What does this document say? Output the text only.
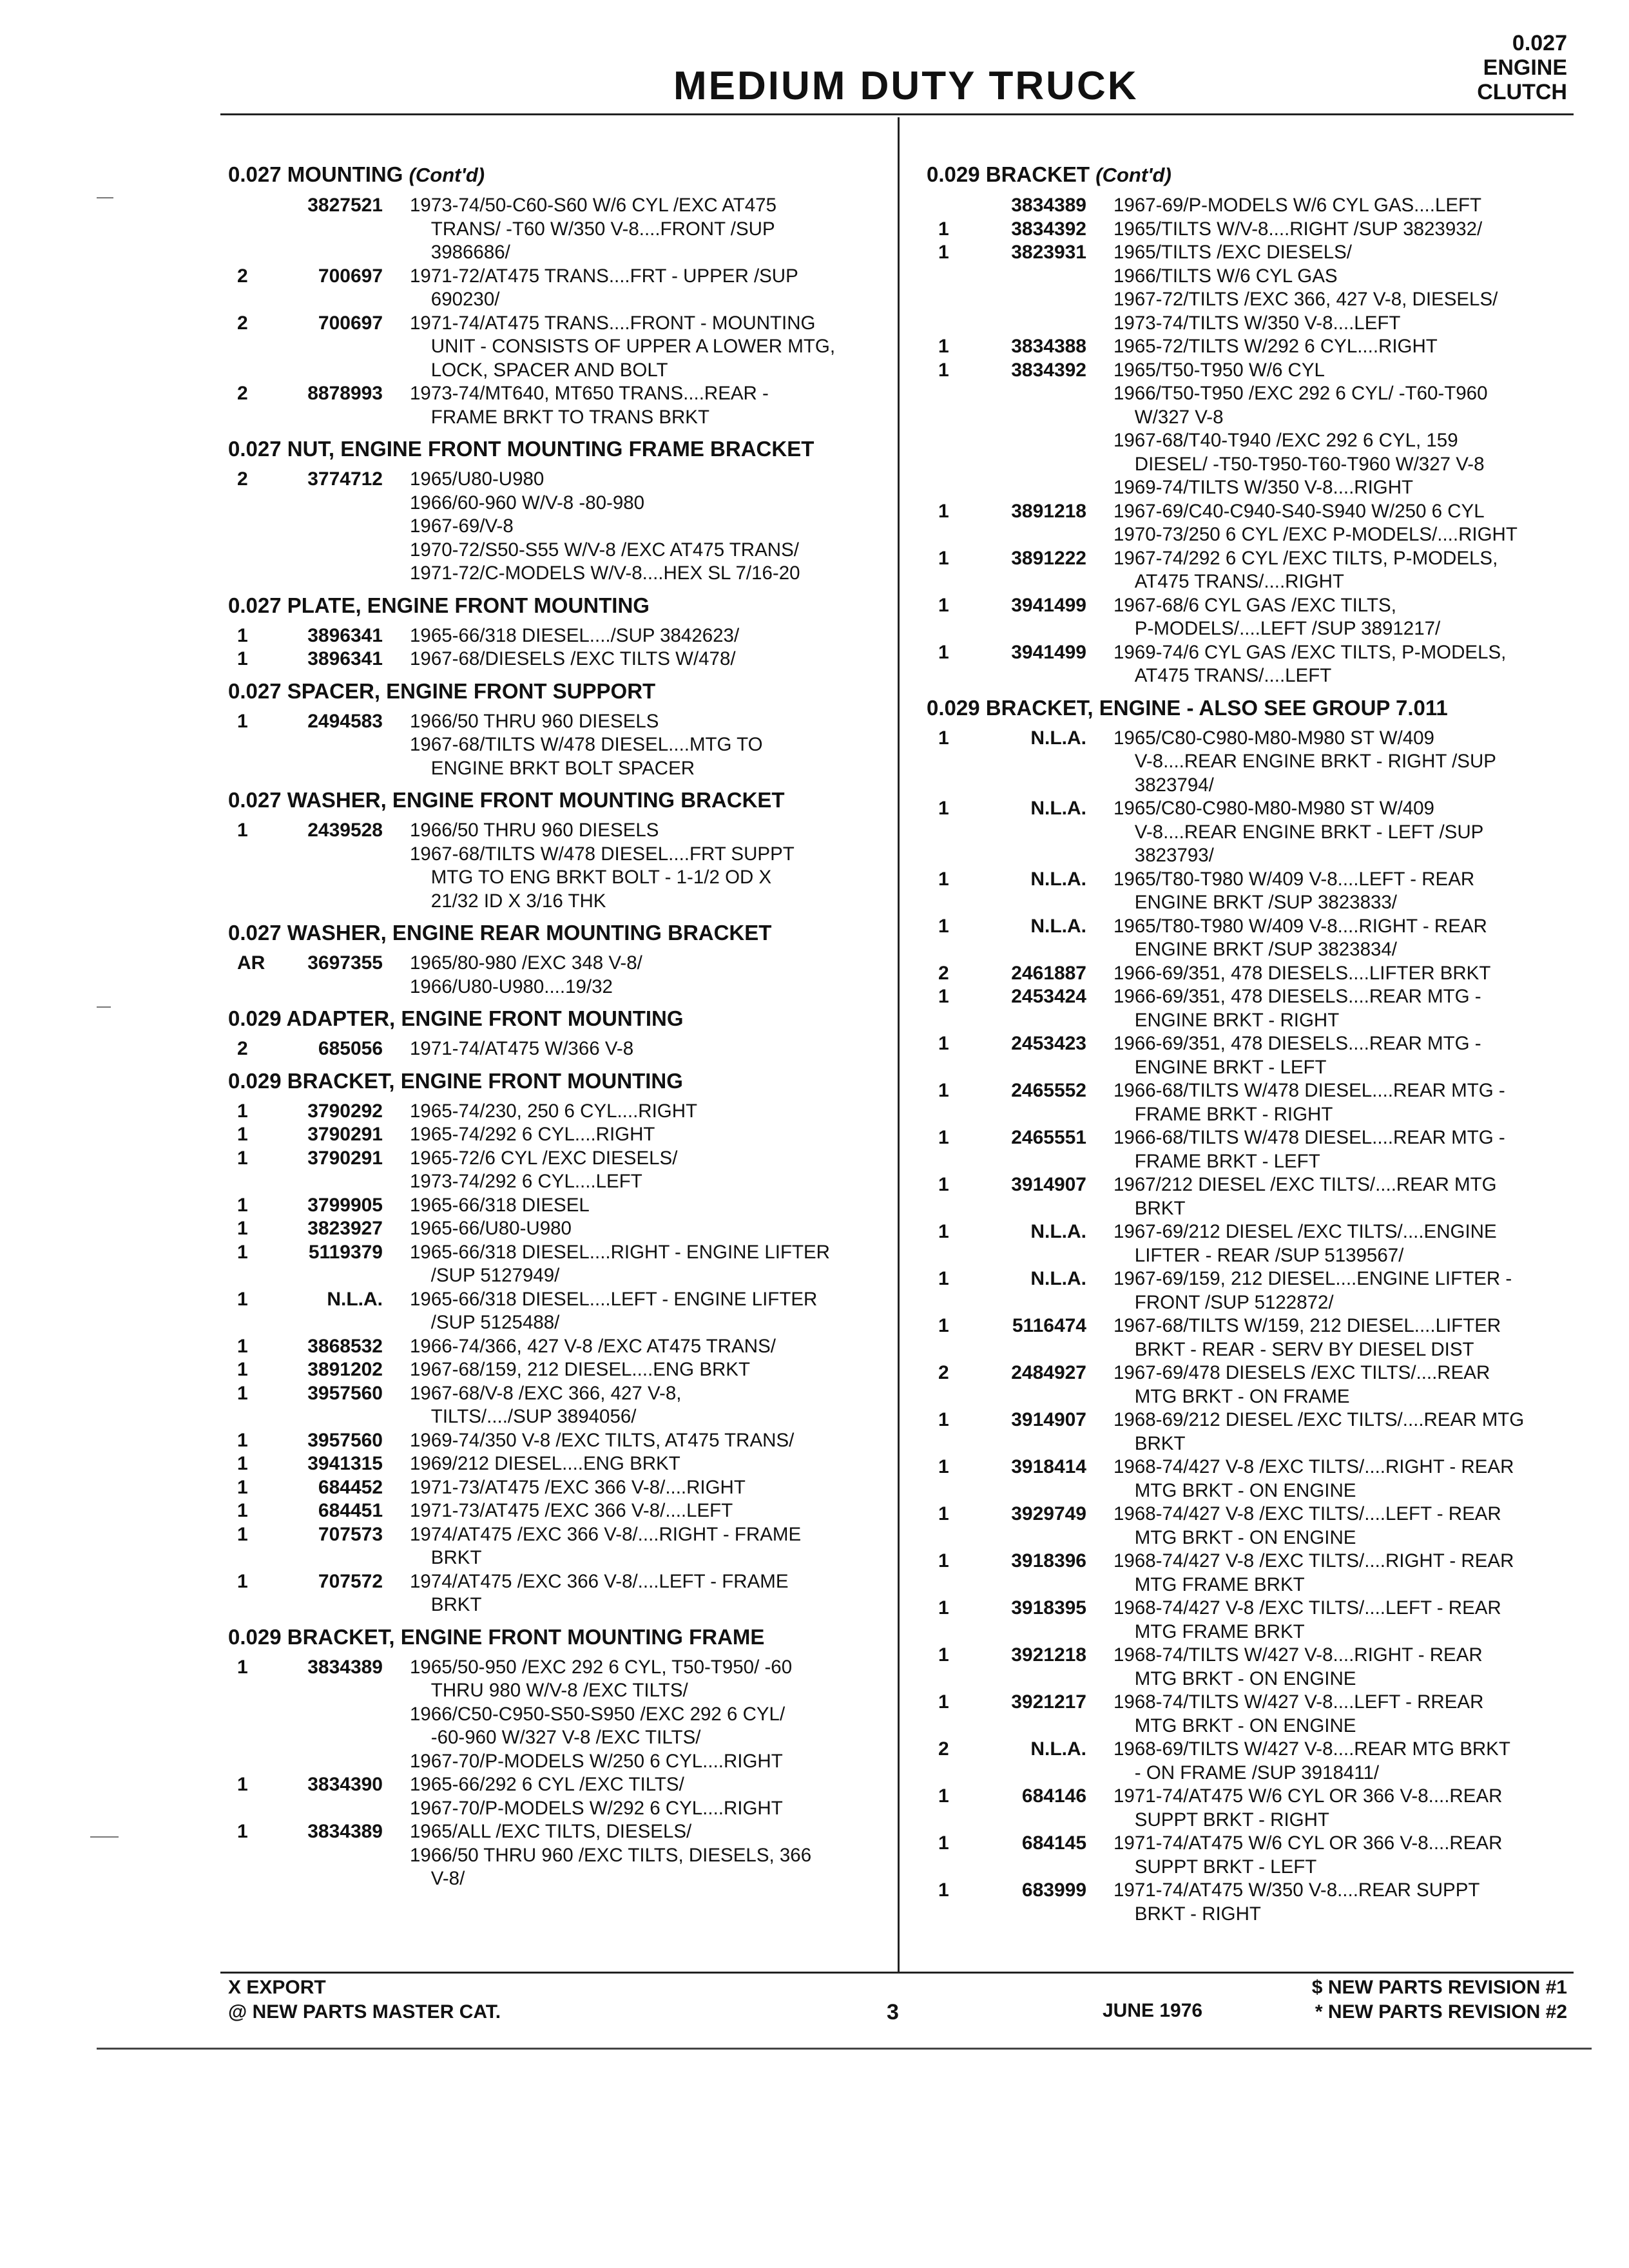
MEDIUM DUTY TRUCK
0.027
ENGINE
CLUTCH
0.027 MOUNTING (Cont'd)
3827521 1973-74/50-C60-S60 W/6 CYL /EXC AT475
TRANS/ -T60 W/350 V-8....FRONT /SUP
3986686/
2	700697 1971-72/AT475 TRANS....FRT - UPPER /SUP
690230/
2	700697 1971-74/AT475 TRANS....FRONT - MOUNTING
UNIT - CONSISTS OF UPPER A LOWER MTG,
LOCK, SPACER AND BOLT
2	8878993 1973-74/MT640, MT650 TRANS....REAR -
FRAME BRKT TO TRANS BRKT
0.027 NUT, ENGINE FRONT MOUNTING FRAME BRACKET
2	3774712 1965/U80-U980
1966/60-960 W/V-8 -80-980
1967-69/V-8
1970-72/S50-S55 W/V-8 /EXC AT475 TRANS/
1971-72/C-MODELS W/V-8....HEX SL 7/16-20
0.027 PLATE, ENGINE FRONT MOUNTING
1	3896341 1965-66/318 DIESEL..../SUP 3842623/
1	3896341 1967-68/DIESELS /EXC TILTS W/478/
0.027 SPACER, ENGINE FRONT SUPPORT
1	2494583 1966/50 THRU 960 DIESELS
1967-68/TILTS W/478 DIESEL....MTG TO
ENGINE BRKT BOLT SPACER
0.027 WASHER, ENGINE FRONT MOUNTING BRACKET
1	2439528 1966/50 THRU 960 DIESELS
1967-68/TILTS W/478 DIESEL....FRT SUPPT
MTG TO ENG BRKT BOLT - 1-1/2 OD X
21/32 ID X 3/16 THK
0.027 WASHER, ENGINE REAR MOUNTING BRACKET
AR	3697355 1965/80-980 /EXC 348 V-8/
1966/U80-U980....19/32
0.029 ADAPTER, ENGINE FRONT MOUNTING
2	685056 1971-74/AT475 W/366 V-8
0.029 BRACKET, ENGINE FRONT MOUNTING
1	3790292 1965-74/230, 250 6 CYL....RIGHT
1	3790291 1965-74/292 6 CYL....RIGHT
1	3790291 1965-72/6 CYL /EXC DIESELS/
1973-74/292 6 CYL....LEFT
1	3799905 1965-66/318 DIESEL
1	3823927 1965-66/U80-U980
1	5119379 1965-66/318 DIESEL....RIGHT - ENGINE LIFTER
/SUP 5127949/
1	N.L.A. 1965-66/318 DIESEL....LEFT - ENGINE LIFTER
/SUP 5125488/
1	3868532 1966-74/366, 427 V-8 /EXC AT475 TRANS/
1	3891202 1967-68/159, 212 DIESEL....ENG BRKT
1	3957560 1967-68/V-8 /EXC 366, 427 V-8,
TILTS/..../SUP 3894056/
1	3957560 1969-74/350 V-8 /EXC TILTS, AT475 TRANS/
1	3941315 1969/212 DIESEL....ENG BRKT
1	684452 1971-73/AT475 /EXC 366 V-8/....RIGHT
1	684451 1971-73/AT475 /EXC 366 V-8/....LEFT
1	707573 1974/AT475 /EXC 366 V-8/....RIGHT - FRAME
BRKT
1	707572 1974/AT475 /EXC 366 V-8/....LEFT - FRAME
BRKT
0.029 BRACKET, ENGINE FRONT MOUNTING FRAME
1	3834389 1965/50-950 /EXC 292 6 CYL, T50-T950/ -60
THRU 980 W/V-8 /EXC TILTS/
1966/C50-C950-S50-S950 /EXC 292 6 CYL/
-60-960 W/327 V-8 /EXC TILTS/
1967-70/P-MODELS W/250 6 CYL....RIGHT
1	3834390 1965-66/292 6 CYL /EXC TILTS/
1967-70/P-MODELS W/292 6 CYL....RIGHT
1	3834389 1965/ALL /EXC TILTS, DIESELS/
1966/50 THRU 960 /EXC TILTS, DIESELS, 366
V-8/
0.029 BRACKET (Cont'd)
3834389 1967-69/P-MODELS W/6 CYL GAS....LEFT
1	3834392 1965/TILTS W/V-8....RIGHT /SUP 3823932/
1	3823931 1965/TILTS /EXC DIESELS/
1966/TILTS W/6 CYL GAS
1967-72/TILTS /EXC 366, 427 V-8, DIESELS/
1973-74/TILTS W/350 V-8....LEFT
1	3834388 1965-72/TILTS W/292 6 CYL....RIGHT
1	3834392 1965/T50-T950 W/6 CYL
1966/T50-T950 /EXC 292 6 CYL/ -T60-T960
W/327 V-8
1967-68/T40-T940 /EXC 292 6 CYL, 159
DIESEL/ -T50-T950-T60-T960 W/327 V-8
1969-74/TILTS W/350 V-8....RIGHT
1	3891218 1967-69/C40-C940-S40-S940 W/250 6 CYL
1970-73/250 6 CYL /EXC P-MODELS/....RIGHT
1	3891222 1967-74/292 6 CYL /EXC TILTS, P-MODELS,
AT475 TRANS/....RIGHT
1	3941499 1967-68/6 CYL GAS /EXC TILTS,
P-MODELS/....LEFT /SUP 3891217/
1	3941499 1969-74/6 CYL GAS /EXC TILTS, P-MODELS,
AT475 TRANS/....LEFT
0.029 BRACKET, ENGINE - ALSO SEE GROUP 7.011
1	N.L.A. 1965/C80-C980-M80-M980 ST W/409
V-8....REAR ENGINE BRKT - RIGHT /SUP
3823794/
1	N.L.A. 1965/C80-C980-M80-M980 ST W/409
V-8....REAR ENGINE BRKT - LEFT /SUP
3823793/
1	N.L.A. 1965/T80-T980 W/409 V-8....LEFT - REAR
ENGINE BRKT /SUP 3823833/
1	N.L.A. 1965/T80-T980 W/409 V-8....RIGHT - REAR
ENGINE BRKT /SUP 3823834/
2	2461887 1966-69/351, 478 DIESELS....LIFTER BRKT
1	2453424 1966-69/351, 478 DIESELS....REAR MTG -
ENGINE BRKT - RIGHT
1	2453423 1966-69/351, 478 DIESELS....REAR MTG -
ENGINE BRKT - LEFT
1	2465552 1966-68/TILTS W/478 DIESEL....REAR MTG -
FRAME BRKT - RIGHT
1	2465551 1966-68/TILTS W/478 DIESEL....REAR MTG -
FRAME BRKT - LEFT
1	3914907 1967/212 DIESEL /EXC TILTS/....REAR MTG
BRKT
1	N.L.A. 1967-69/212 DIESEL /EXC TILTS/....ENGINE
LIFTER - REAR /SUP 5139567/
1	N.L.A. 1967-69/159, 212 DIESEL....ENGINE LIFTER -
FRONT /SUP 5122872/
1	5116474 1967-68/TILTS W/159, 212 DIESEL....LIFTER
BRKT - REAR - SERV BY DIESEL DIST
2	2484927 1967-69/478 DIESELS /EXC TILTS/....REAR
MTG BRKT - ON FRAME
1	3914907 1968-69/212 DIESEL /EXC TILTS/....REAR MTG
BRKT
1	3918414 1968-74/427 V-8 /EXC TILTS/....RIGHT - REAR
MTG BRKT - ON ENGINE
1	3929749 1968-74/427 V-8 /EXC TILTS/....LEFT - REAR
MTG BRKT - ON ENGINE
1	3918396 1968-74/427 V-8 /EXC TILTS/....RIGHT - REAR
MTG FRAME BRKT
1	3918395 1968-74/427 V-8 /EXC TILTS/....LEFT - REAR
MTG FRAME BRKT
1	3921218 1968-74/TILTS W/427 V-8....RIGHT - REAR
MTG BRKT - ON ENGINE
1	3921217 1968-74/TILTS W/427 V-8....LEFT - RREAR
MTG BRKT - ON ENGINE
2	N.L.A. 1968-69/TILTS W/427 V-8....REAR MTG BRKT
- ON FRAME /SUP 3918411/
1	684146 1971-74/AT475 W/6 CYL OR 366 V-8....REAR
SUPPT BRKT - RIGHT
1	684145 1971-74/AT475 W/6 CYL OR 366 V-8....REAR
SUPPT BRKT - LEFT
1	683999 1971-74/AT475 W/350 V-8....REAR SUPPT
BRKT - RIGHT
X EXPORT
@ NEW PARTS MASTER CAT.	3	JUNE 1976
$ NEW PARTS REVISION #1
* NEW PARTS REVISION #2
